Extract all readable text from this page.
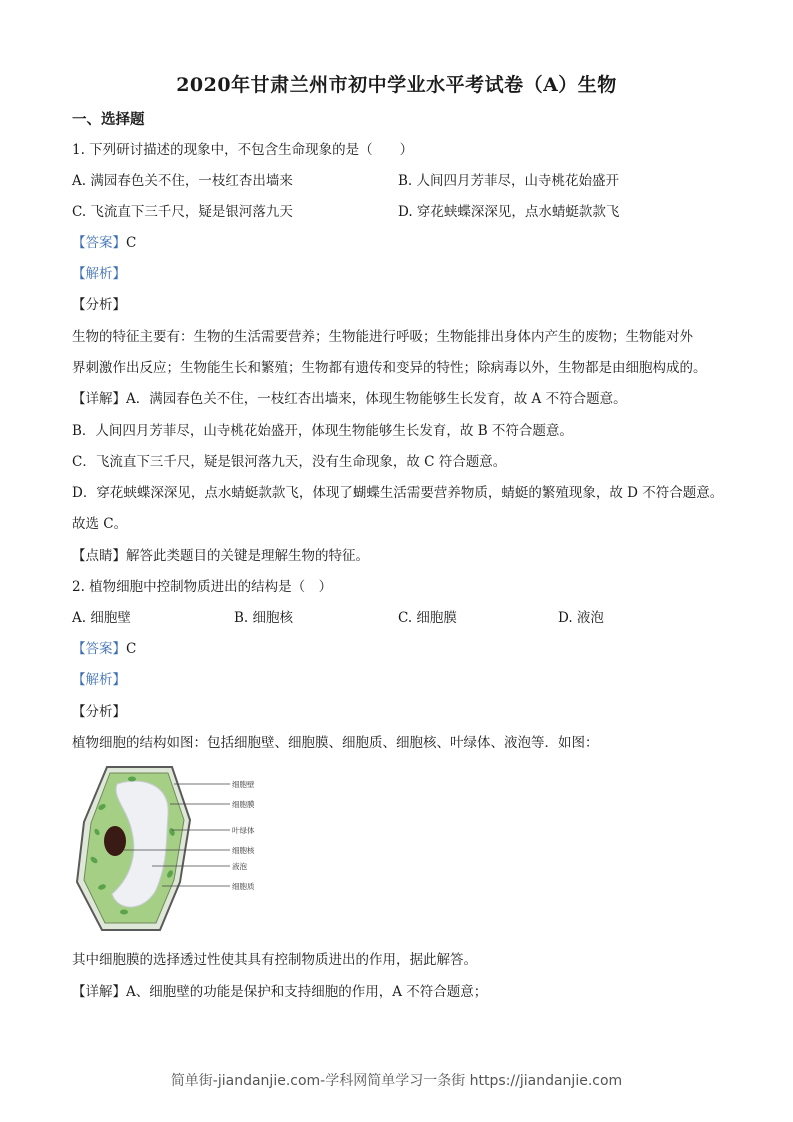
2020年甘肃兰州市初中学业水平考试卷（A）生物
一、选择题
1. 下列研讨描述的现象中，不包含生命现象的是（　　）
A. 满园春色关不住，一枝红杏出墙来	B. 人间四月芳菲尽，山寺桃花始盛开
C. 飞流直下三千尺，疑是银河落九天	D. 穿花蛱蝶深深见，点水蜻蜓款款飞
【答案】C
【解析】
【分析】
生物的特征主要有：生物的生活需要营养；生物能进行呼吸；生物能排出身体内产生的废物；生物能对外
界刺激作出反应；生物能生长和繁殖；生物都有遗传和变异的特性；除病毒以外，生物都是由细胞构成的。
【详解】A．满园春色关不住，一枝红杏出墙来，体现生物能够生长发育，故 A 不符合题意。
B．人间四月芳菲尽，山寺桃花始盛开，体现生物能够生长发育，故 B 不符合题意。
C．飞流直下三千尺，疑是银河落九天，没有生命现象，故 C 符合题意。
D．穿花蛱蝶深深见，点水蜻蜓款款飞，体现了蝴蝶生活需要营养物质，蜻蜓的繁殖现象，故 D 不符合题意。
故选 C。
【点睛】解答此类题目的关键是理解生物的特征。
2. 植物细胞中控制物质进出的结构是（　）
A. 细胞壁	B. 细胞核	C. 细胞膜	D. 液泡
【答案】C
【解析】
【分析】
植物细胞的结构如图：包括细胞壁、细胞膜、细胞质、细胞核、叶绿体、液泡等．如图：
细胞壁
细胞膜
叶绿体
细胞核
液泡
细胞质
其中细胞膜的选择透过性使其具有控制物质进出的作用，据此解答。
【详解】A、细胞壁的功能是保护和支持细胞的作用，A 不符合题意；
简单街-jiandanjie.com-学科网简单学习一条街 https://jiandanjie.com
